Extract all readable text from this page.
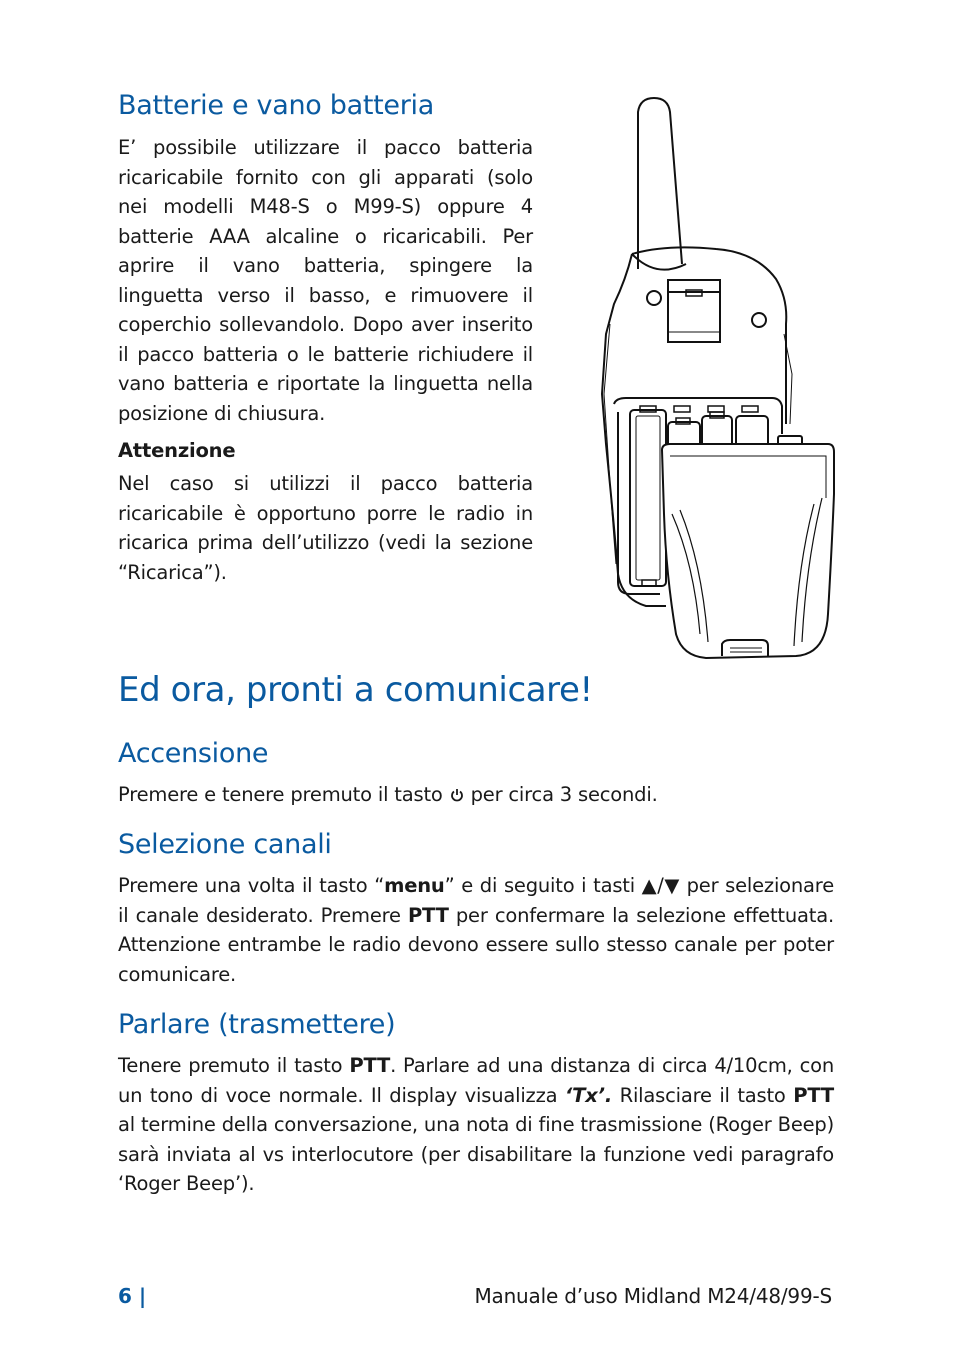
Batterie e vano batteria

E’ possibile utilizzare il pacco batteria ricaricabile fornito con gli apparati (solo nei modelli M48-S o M99-S) oppure 4 batterie AAA alcaline o ricaricabili. Per aprire il vano batteria, spingere la linguetta verso il basso, e rimuovere il coperchio sollevandolo. Dopo aver inserito il pacco batteria o le batterie richiudere il vano batteria e riportate la linguetta nella posizione di chiusura.

Attenzione

Nel caso si utilizzi il pacco batteria ricaricabile è opportuno porre le radio in ricarica prima dell’utilizzo (vedi la sezione “Ricarica”).

Ed ora, pronti a comunicare!
Accensione

Premere e tenere premuto il tasto  per circa 3 secondi.

Selezione canali

Premere una volta il tasto “menu” e di seguito i tasti ▲/▼ per selezionare il canale desiderato. Premere PTT per confermare la selezione effettuata. Attenzione entrambe le radio devono essere sullo stesso canale per poter comunicare.

Parlare (trasmettere)

Tenere premuto il tasto PTT. Parlare ad una distanza di circa 4/10cm, con un tono di voce normale. Il display visualizza ‘Tx’. Rilasciare il tasto PTT al termine della conversazione, una nota di fine trasmissione (Roger Beep) sarà inviata al vs interlocutore (per disabilitare la funzione vedi paragrafo ‘Roger Beep’).

6 |	Manuale d’uso Midland M24/48/99-S
